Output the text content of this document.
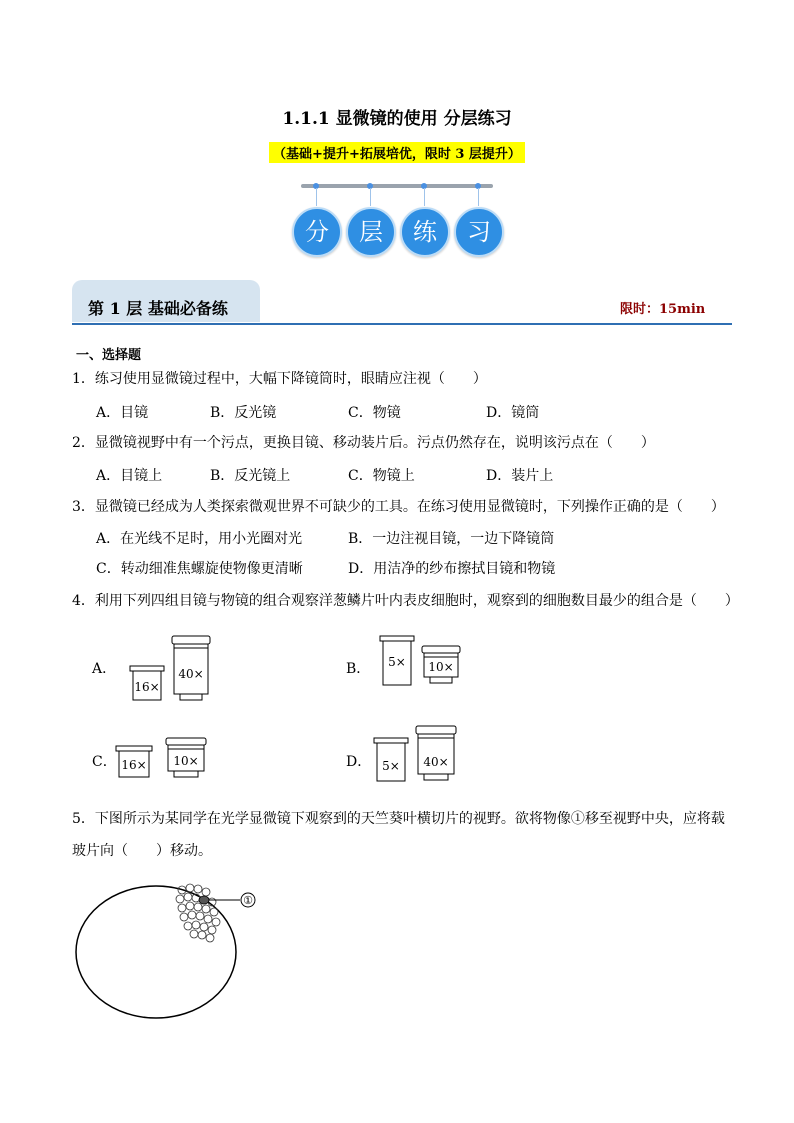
1.1.1 显微镜的使用 分层练习
（基础+提升+拓展培优，限时 3 层提升）
分	层	练	习
第 1 层 基础必备练	限时：15min
一、选择题
1．练习使用显微镜过程中，大幅下降镜筒时，眼睛应注视（　　）
A．目镜	B．反光镜	C．物镜	D．镜筒
2．显微镜视野中有一个污点，更换目镜、移动装片后。污点仍然存在，说明该污点在（　　）
A．目镜上	B．反光镜上	C．物镜上	D．装片上
3．显微镜已经成为人类探索微观世界不可缺少的工具。在练习使用显微镜时，下列操作正确的是（　　）
A．在光线不足时，用小光圈对光	B．一边注视目镜，一边下降镜筒
C．转动细准焦螺旋使物像更清晰	D．用洁净的纱布擦拭目镜和物镜
4．利用下列四组目镜与物镜的组合观察洋葱鳞片叶内表皮细胞时，观察到的细胞数目最少的组合是（　　）
A．	B．
C．	D．
16×
40×
5× 10×
16× 10×	5× 40×
5．下图所示为某同学在光学显微镜下观察到的天竺葵叶横切片的视野。欲将物像①移至视野中央，应将载
玻片向（　　）移动。
①
